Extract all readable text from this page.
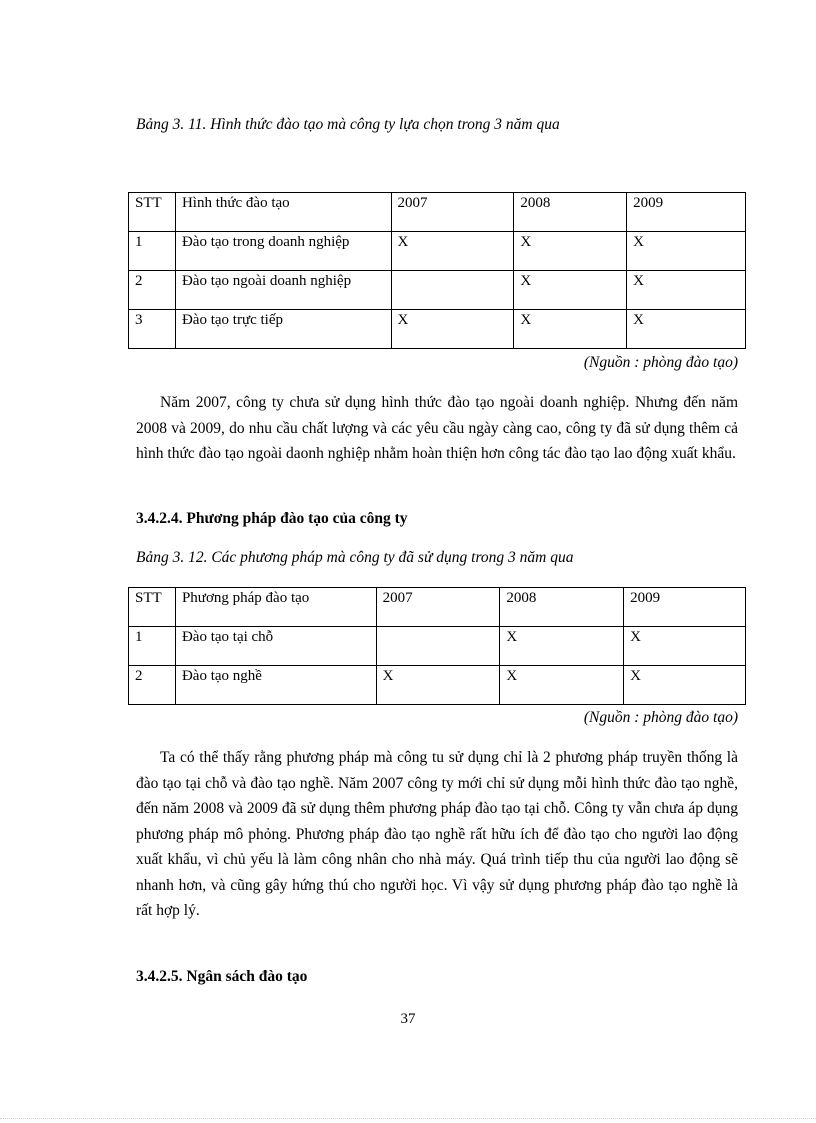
Bảng 3. 11. Hình thức đào tạo mà công ty lựa chọn trong 3 năm qua
STT	Hình thức đào tạo	2007	2008	2009
1	Đào tạo trong doanh nghiệp	X	X	X
2	Đào tạo ngoài doanh nghiệp		X	X
3	Đào tạo trực tiếp	X	X	X
(Nguồn : phòng đào tạo)
Năm 2007, công ty chưa sử dụng hình thức đào tạo ngoài doanh nghiệp. Nhưng đến năm 2008 và 2009, do nhu cầu chất lượng và các yêu cầu ngày càng cao, công ty đã sử dụng thêm cả hình thức đào tạo ngoài daonh nghiệp nhằm hoàn thiện hơn công tác đào tạo lao động xuất khẩu.
3.4.2.4. Phương pháp đào tạo của công ty
Bảng 3. 12. Các phương pháp mà công ty đã sử dụng trong 3 năm qua
STT	Phương pháp đào tạo	2007	2008	2009
1	Đào tạo tại chỗ		X	X
2	Đào tạo nghề	X	X	X
(Nguồn : phòng đào tạo)
Ta có thể thấy rằng phương pháp mà công tu sử dụng chỉ là 2 phương pháp truyền thống là đào tạo tại chỗ và đào tạo nghề. Năm 2007 công ty mới chỉ sử dụng mỗi hình thức đào tạo nghề, đến năm 2008 và 2009 đã sử dụng thêm phương pháp đào tạo tại chỗ. Công ty vẫn chưa áp dụng phương pháp mô phỏng. Phương pháp đào tạo nghề rất hữu ích để đào tạo cho người lao động xuất khẩu, vì chủ yếu là làm công nhân cho nhà máy. Quá trình tiếp thu của người lao động sẽ nhanh hơn, và cũng gây hứng thú cho người học. Vì vậy sử dụng phương pháp đào tạo nghề là rất hợp lý.
3.4.2.5. Ngân sách đào tạo
37
